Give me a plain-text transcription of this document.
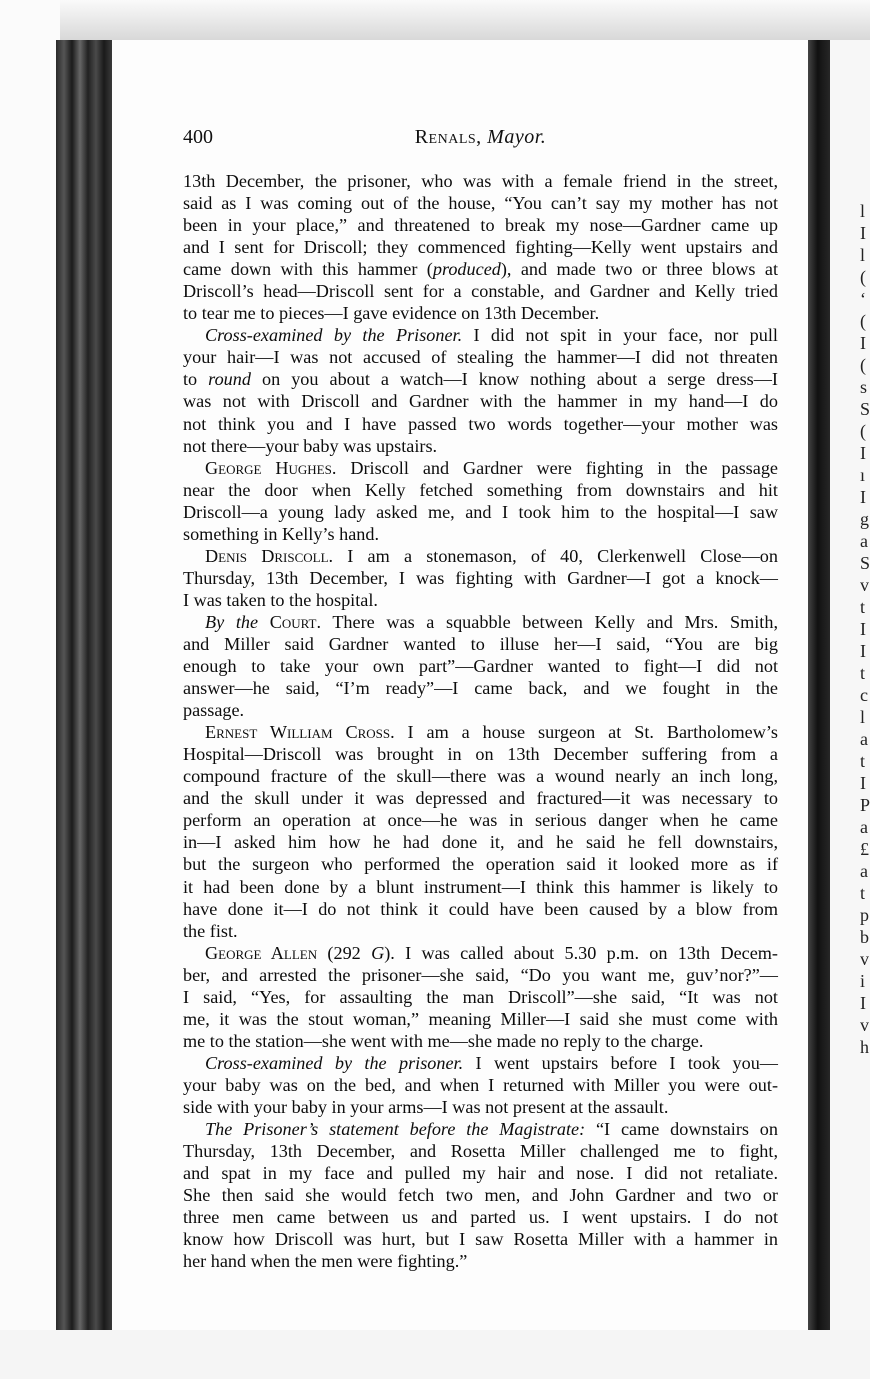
400	Renals, Mayor.
13th December, the prisoner, who was with a female friend in the street,
said as I was coming out of the house, “You can’t say my mother has not
been in your place,” and threatened to break my nose—Gardner came up
and I sent for Driscoll; they commenced fighting—Kelly went upstairs and
came down with this hammer (produced), and made two or three blows at
Driscoll’s head—Driscoll sent for a constable, and Gardner and Kelly tried
to tear me to pieces—I gave evidence on 13th December.
Cross-examined by the Prisoner. I did not spit in your face, nor pull
your hair—I was not accused of stealing the hammer—I did not threaten
to round on you about a watch—I know nothing about a serge dress—I
was not with Driscoll and Gardner with the hammer in my hand—I do
not think you and I have passed two words together—your mother was
not there—your baby was upstairs.
George Hughes. Driscoll and Gardner were fighting in the passage
near the door when Kelly fetched something from downstairs and hit
Driscoll—a young lady asked me, and I took him to the hospital—I saw
something in Kelly’s hand.
Denis Driscoll. I am a stonemason, of 40, Clerkenwell Close—on
Thursday, 13th December, I was fighting with Gardner—I got a knock—
I was taken to the hospital.
By the Court. There was a squabble between Kelly and Mrs. Smith,
and Miller said Gardner wanted to illuse her—I said, “You are big
enough to take your own part”—Gardner wanted to fight—I did not
answer—he said, “I’m ready”—I came back, and we fought in the
passage.
Ernest William Cross. I am a house surgeon at St. Bartholomew’s
Hospital—Driscoll was brought in on 13th December suffering from a
compound fracture of the skull—there was a wound nearly an inch long,
and the skull under it was depressed and fractured—it was necessary to
perform an operation at once—he was in serious danger when he came
in—I asked him how he had done it, and he said he fell downstairs,
but the surgeon who performed the operation said it looked more as if
it had been done by a blunt instrument—I think this hammer is likely to
have done it—I do not think it could have been caused by a blow from
the fist.
George Allen (292 G). I was called about 5.30 p.m. on 13th Decem-
ber, and arrested the prisoner—she said, “Do you want me, guv’nor?”—
I said, “Yes, for assaulting the man Driscoll”—she said, “It was not
me, it was the stout woman,” meaning Miller—I said she must come with
me to the station—she went with me—she made no reply to the charge.
Cross-examined by the prisoner. I went upstairs before I took you—
your baby was on the bed, and when I returned with Miller you were out-
side with your baby in your arms—I was not present at the assault.
The Prisoner’s statement before the Magistrate: “I came downstairs on
Thursday, 13th December, and Rosetta Miller challenged me to fight,
and spat in my face and pulled my hair and nose. I did not retaliate.
She then said she would fetch two men, and John Gardner and two or
three men came between us and parted us. I went upstairs. I do not
know how Driscoll was hurt, but I saw Rosetta Miller with a hammer in
her hand when the men were fighting.”
l
I
l
(
‘
(
I
(
s
S
(
I
ı
I
g
a
S
v
t
I
I
t
c
l
a
t
I
P
a
£
a
t
p
b
v
i
I
v
h
